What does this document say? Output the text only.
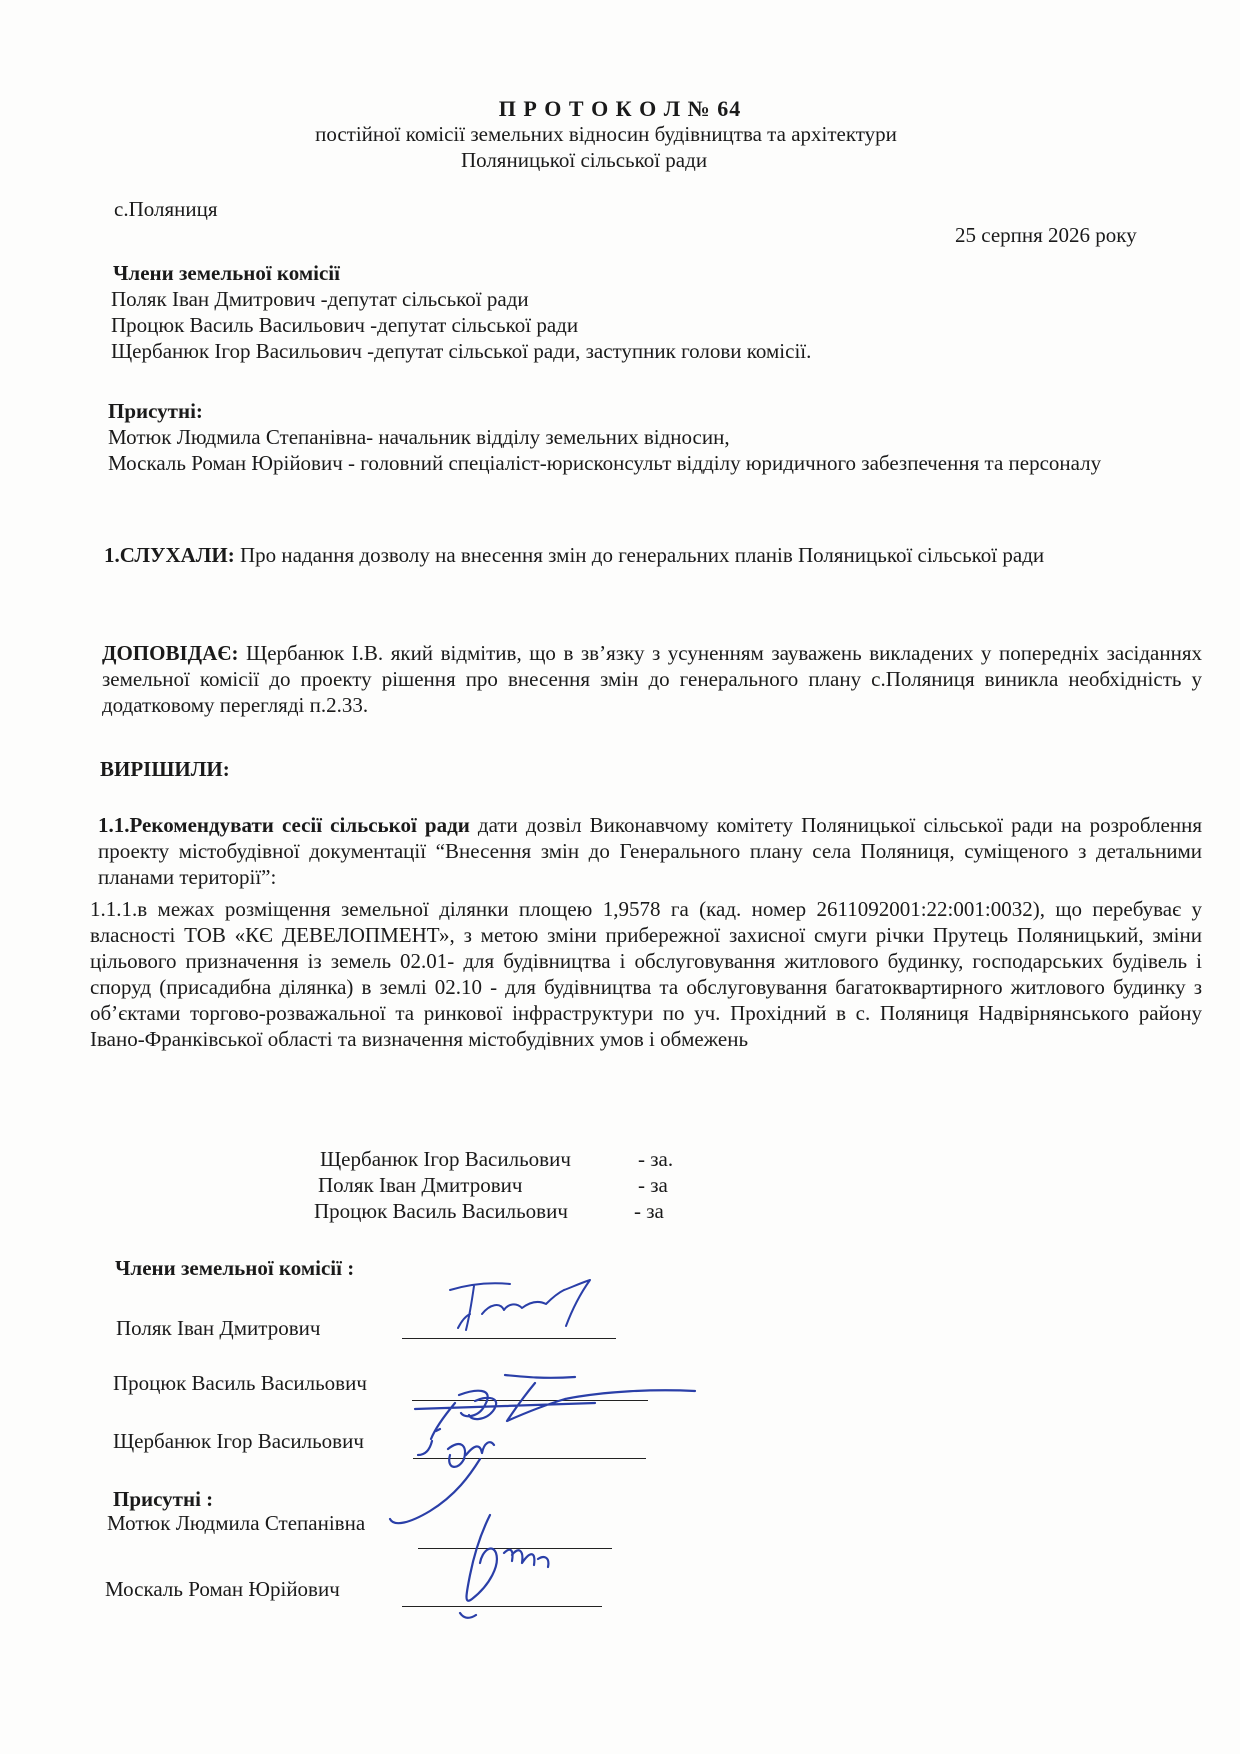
П Р О Т О К О Л № 64
постійної комісії земельних відносин будівництва та архітектури
Поляницької сільської ради
с.Поляниця
25 серпня 2026 року
Члени земельної комісії
Поляк Іван Дмитрович -депутат сільської ради
Процюк Василь Васильович -депутат сільської ради
Щербанюк Ігор Васильович -депутат сільської ради, заступник голови комісії.
Присутні:
Мотюк Людмила Степанівна- начальник відділу земельних відносин,
Москаль Роман Юрійович - головний спеціаліст-юрисконсульт відділу юридичного забезпечення та персоналу
1.СЛУХАЛИ: Про надання дозволу на внесення змін до генеральних планів Поляницької сільської ради
ДОПОВІДАЄ: Щербанюк І.В. який відмітив, що в зв’язку з усуненням зауважень викладених у попередніх засіданнях земельної комісії до проекту рішення про внесення змін до генерального плану с.Поляниця виникла необхідність у додатковому перегляді п.2.33.
ВИРІШИЛИ:
1.1.Рекомендувати сесії сільської ради дати дозвіл Виконавчому комітету Поляницької сільської ради на розроблення проекту містобудівної документації “Внесення змін до Генерального плану села Поляниця, суміщеного з детальними планами території”:
1.1.1.в межах розміщення земельної ділянки площею 1,9578 га (кад. номер 2611092001:22:001:0032), що перебуває у власності ТОВ «КЄ ДЕВЕЛОПМЕНТ», з метою зміни прибережної захисної смуги річки Прутець Поляницький, зміни цільового призначення із земель 02.01- для будівництва і обслуговування житлового будинку, господарських будівель і споруд (присадибна ділянка) в землі 02.10 - для будівництва та обслуговування багатоквартирного житлового будинку з об’єктами торгово-розважальної та ринкової інфраструктури по уч. Прохідний в с. Поляниця Надвірнянського району Івано-Франківської області та визначення містобудівних умов і обмежень
Щербанюк Ігор Васильович	- за.
Поляк Іван Дмитрович	- за
Процюк Василь Васильович	- за
Члени земельної комісії :
Поляк Іван Дмитрович
Процюк Василь Васильович
Щербанюк Ігор Васильович
Присутні :
Мотюк Людмила Степанівна
Москаль Роман Юрійович
